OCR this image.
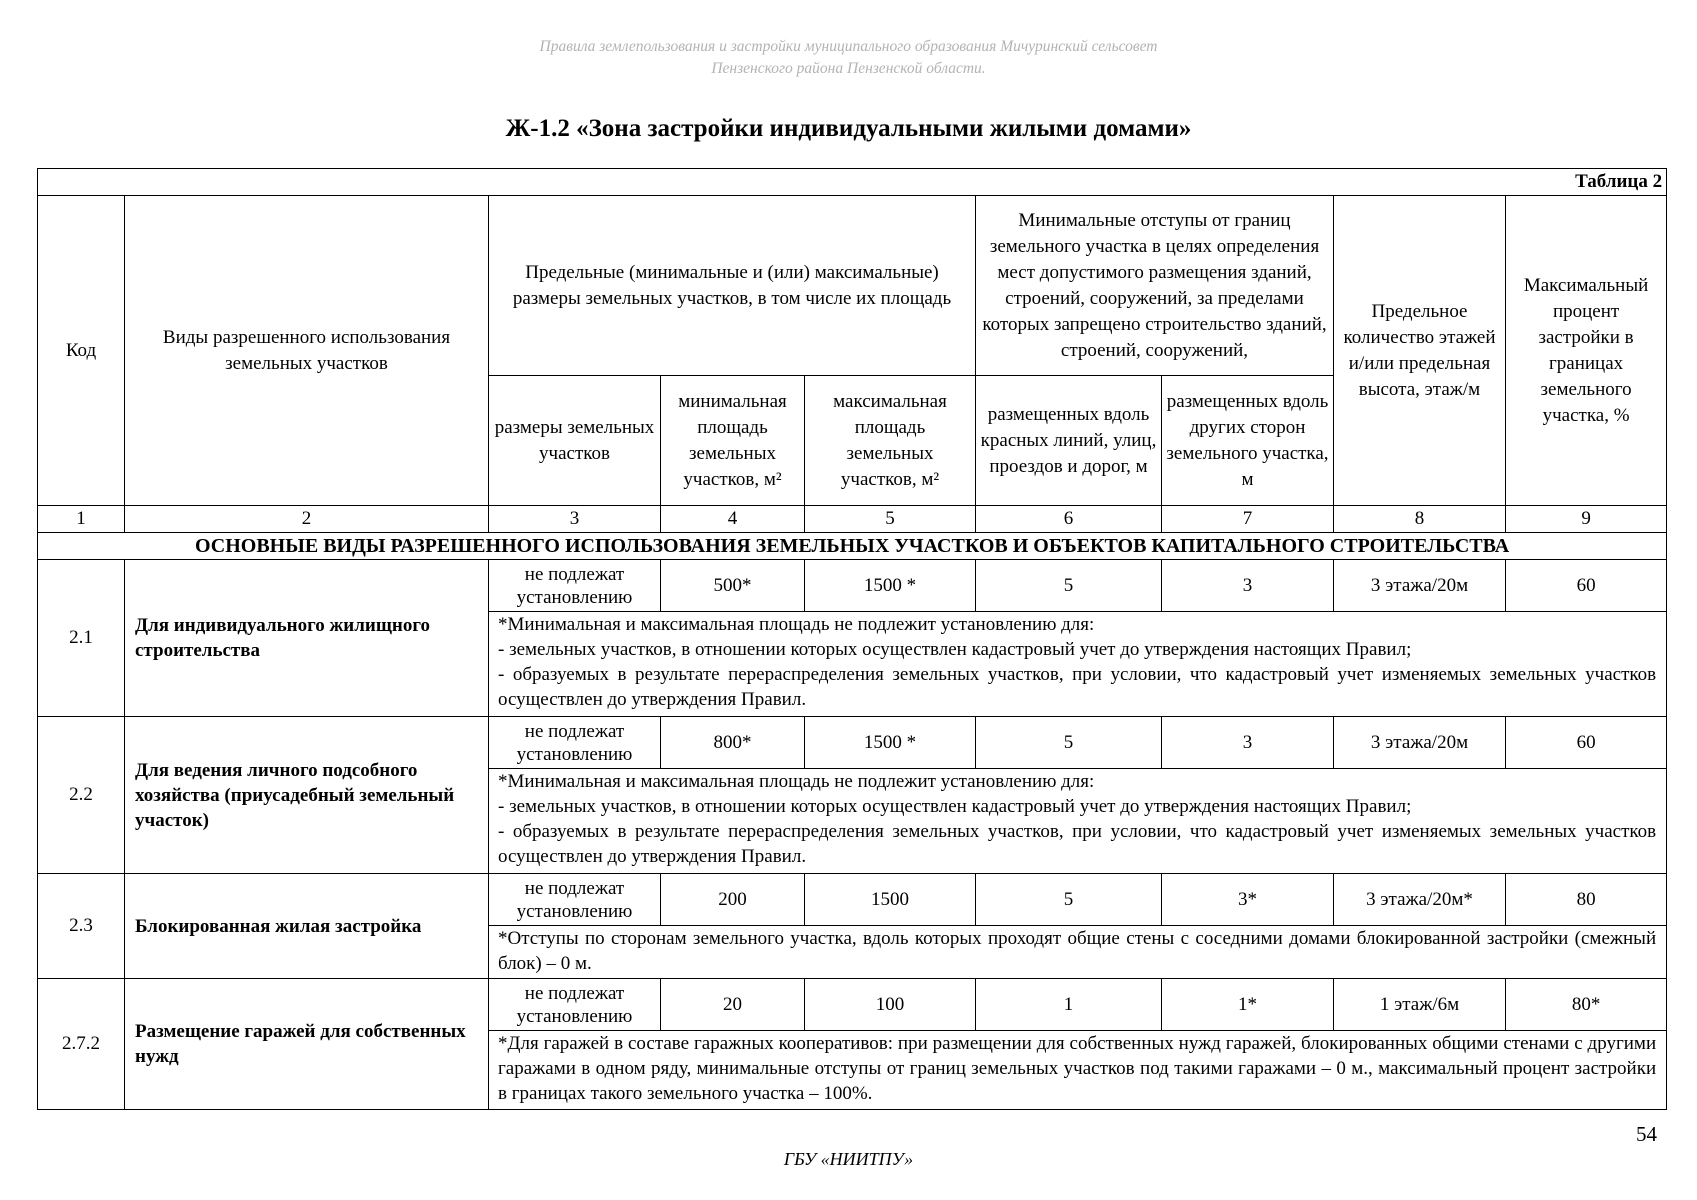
Правила землепользования и застройки муниципального образования Мичуринский сельсовет
Пензенского района Пензенской области.
Ж-1.2 «Зона застройки индивидуальными жилыми домами»
Таблица 2								
Код	Виды разрешенного использования земельных участков	Предельные (минимальные и (или) максимальные) размеры земельных участков, в том числе их площадь			Минимальные отступы от границ земельного участка в целях определения мест допустимого размещения зданий, строений, сооружений, за пределами которых запрещено строительство зданий, строений, сооружений,		Предельное количество этажей и/или предельная высота, этаж/м	Максимальный процент застройки в границах земельного участка, %
		размеры земельных участков	минимальная площадь земельных участков, м²	максимальная площадь земельных участков, м²	размещенных вдоль красных линий, улиц, проездов и дорог, м	размещенных вдоль других сторон земельного участка, м		
1	2	3	4	5	6	7	8	9
ОСНОВНЫЕ ВИДЫ РАЗРЕШЕННОГО ИСПОЛЬЗОВАНИЯ ЗЕМЕЛЬНЫХ УЧАСТКОВ И ОБЪЕКТОВ КАПИТАЛЬНОГО СТРОИТЕЛЬСТВА								
2.1	Для индивидуального жилищного строительства	не подлежат установлению	500*	1500 *	5	3	3 этажа/20м	60

		*Минимальная и максимальная площадь не подлежит установлению для:
- земельных участков, в отношении которых осуществлен кадастровый учет до утверждения настоящих Правил;
- образуемых в результате перераспределения земельных участков, при условии, что кадастровый учет изменяемых земельных участков осуществлен до утверждения Правил.						

2.2	Для ведения личного подсобного хозяйства (приусадебный земельный участок)	не подлежат установлению	800*	1500 *	5	3	3 этажа/20м	60

		*Минимальная и максимальная площадь не подлежит установлению для:
- земельных участков, в отношении которых осуществлен кадастровый учет до утверждения настоящих Правил;
- образуемых в результате перераспределения земельных участков, при условии, что кадастровый учет изменяемых земельных участков осуществлен до утверждения Правил.						

2.3	Блокированная жилая застройка	не подлежат установлению	200	1500	5	3*	3 этажа/20м*	80

		*Отступы по сторонам земельного участка, вдоль которых проходят общие стены с соседними домами блокированной застройки (смежный блок) – 0 м.						

2.7.2	Размещение гаражей для собственных нужд	не подлежат установлению	20	100	1	1*	1 этаж/6м	80*

		*Для гаражей в составе гаражных кооперативов: при размещении для собственных нужд гаражей, блокированных общими стенами с другими гаражами в одном ряду, минимальные отступы от границ земельных участков под такими гаражами – 0 м., максимальный процент застройки в границах такого земельного участка – 100%.						
54
ГБУ «НИИТПУ»
